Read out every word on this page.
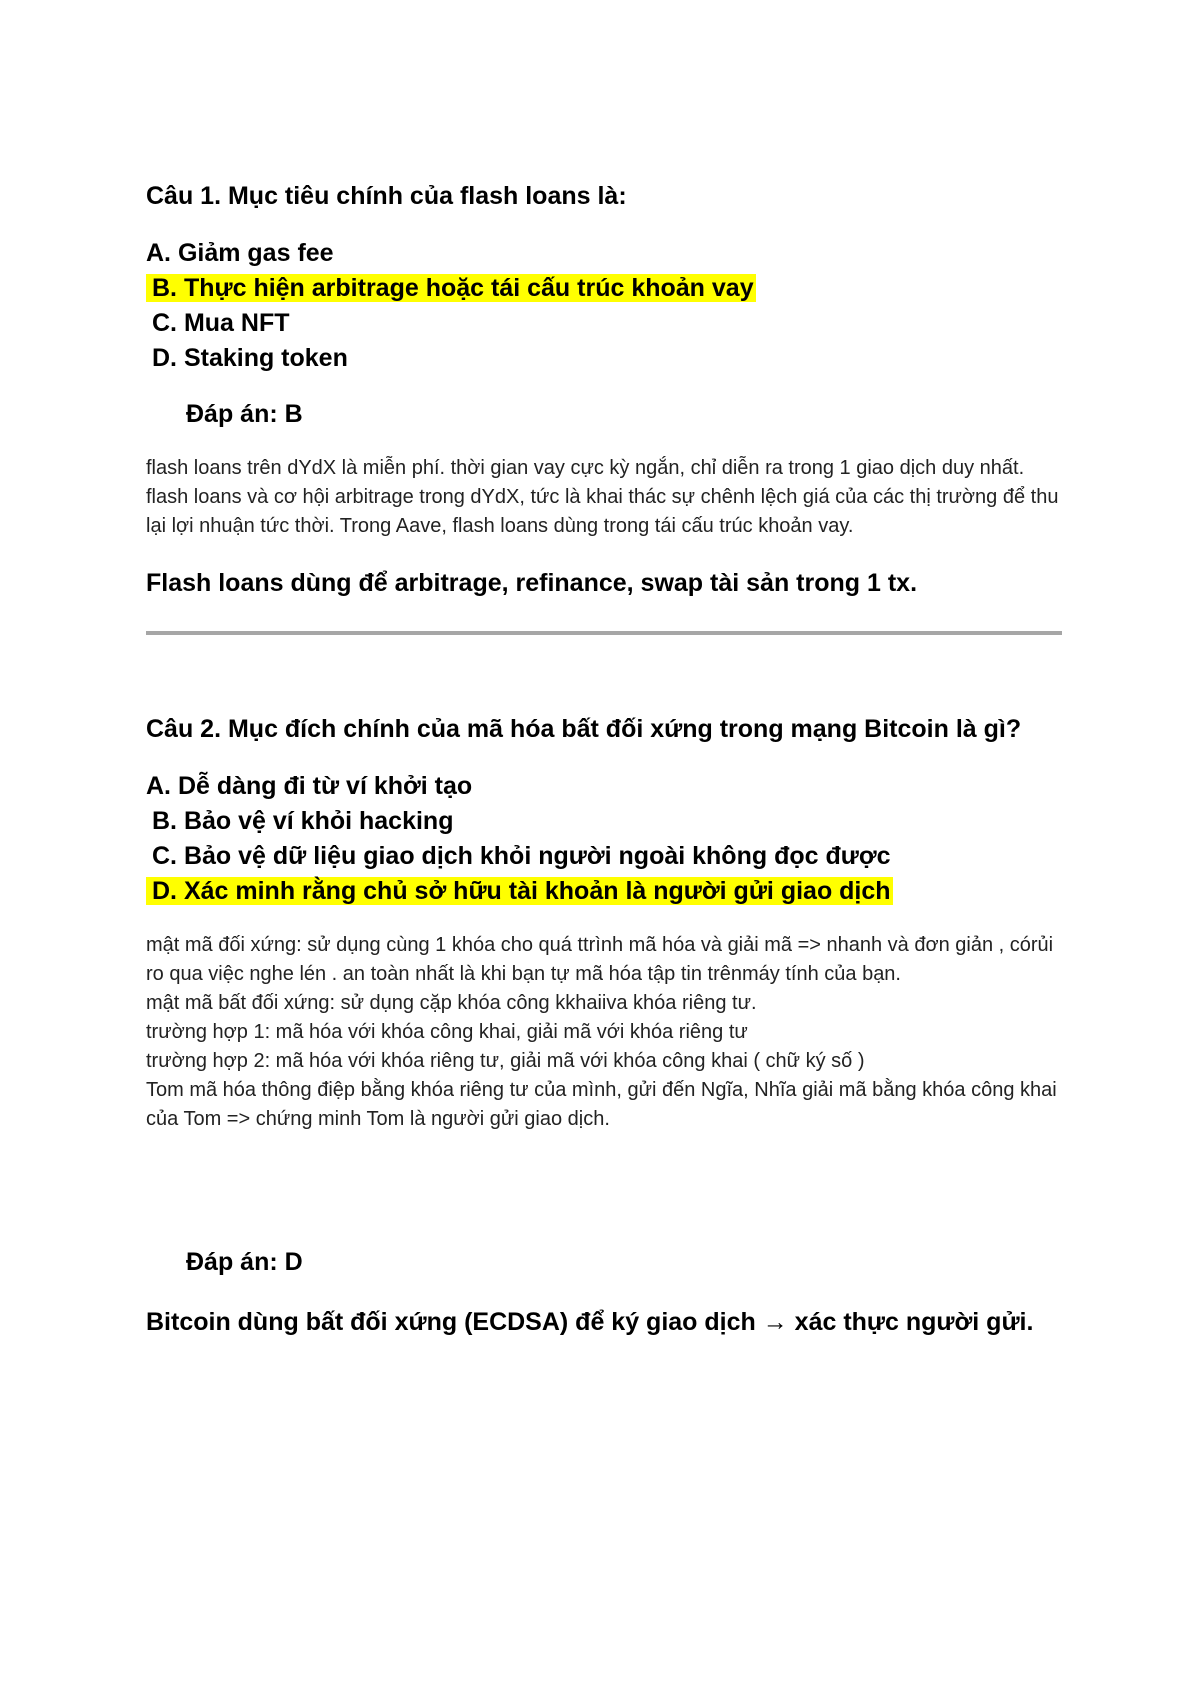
Câu 1. Mục tiêu chính của flash loans là:

A. Giảm gas fee
B. Thực hiện arbitrage hoặc tái cấu trúc khoản vay
C. Mua NFT
D. Staking token
Đáp án: B

flash loans trên dYdX là miễn phí. thời gian vay cực kỳ ngắn, chỉ diễn ra trong 1 giao dịch duy nhất. flash loans và cơ hội arbitrage trong dYdX, tức là khai thác sự chênh lệch giá của các thị trường để thu lại lợi nhuận tức thời. Trong Aave, flash loans dùng trong tái cấu trúc khoản vay.

Flash loans dùng để arbitrage, refinance, swap tài sản trong 1 tx.

Câu 2. Mục đích chính của mã hóa bất đối xứng trong mạng Bitcoin là gì?

A. Dễ dàng đi từ ví khởi tạo
B. Bảo vệ ví khỏi hacking
C. Bảo vệ dữ liệu giao dịch khỏi người ngoài không đọc được
D. Xác minh rằng chủ sở hữu tài khoản là người gửi giao dịch

mật mã đối xứng: sử dụng cùng 1 khóa cho quá ttrình mã hóa và giải mã => nhanh và đơn giản , córủi ro qua việc nghe lén . an toàn nhất là khi bạn tự mã hóa tập tin trênmáy tính của bạn.

mật mã bất đối xứng: sử dụng cặp khóa công kkhaiiva khóa riêng tư.

trường hợp 1: mã hóa với khóa công khai, giải mã với khóa riêng tư

trường hợp 2: mã hóa với khóa riêng tư, giải mã với khóa công khai ( chữ ký số )

Tom mã hóa thông điệp bằng khóa riêng tư của mình, gửi đến Ngĩa, Nhĩa giải mã bằng khóa công khai của Tom => chứng minh Tom là người gửi giao dịch.

Đáp án: D

Bitcoin dùng bất đối xứng (ECDSA) để ký giao dịch → xác thực người gửi.
